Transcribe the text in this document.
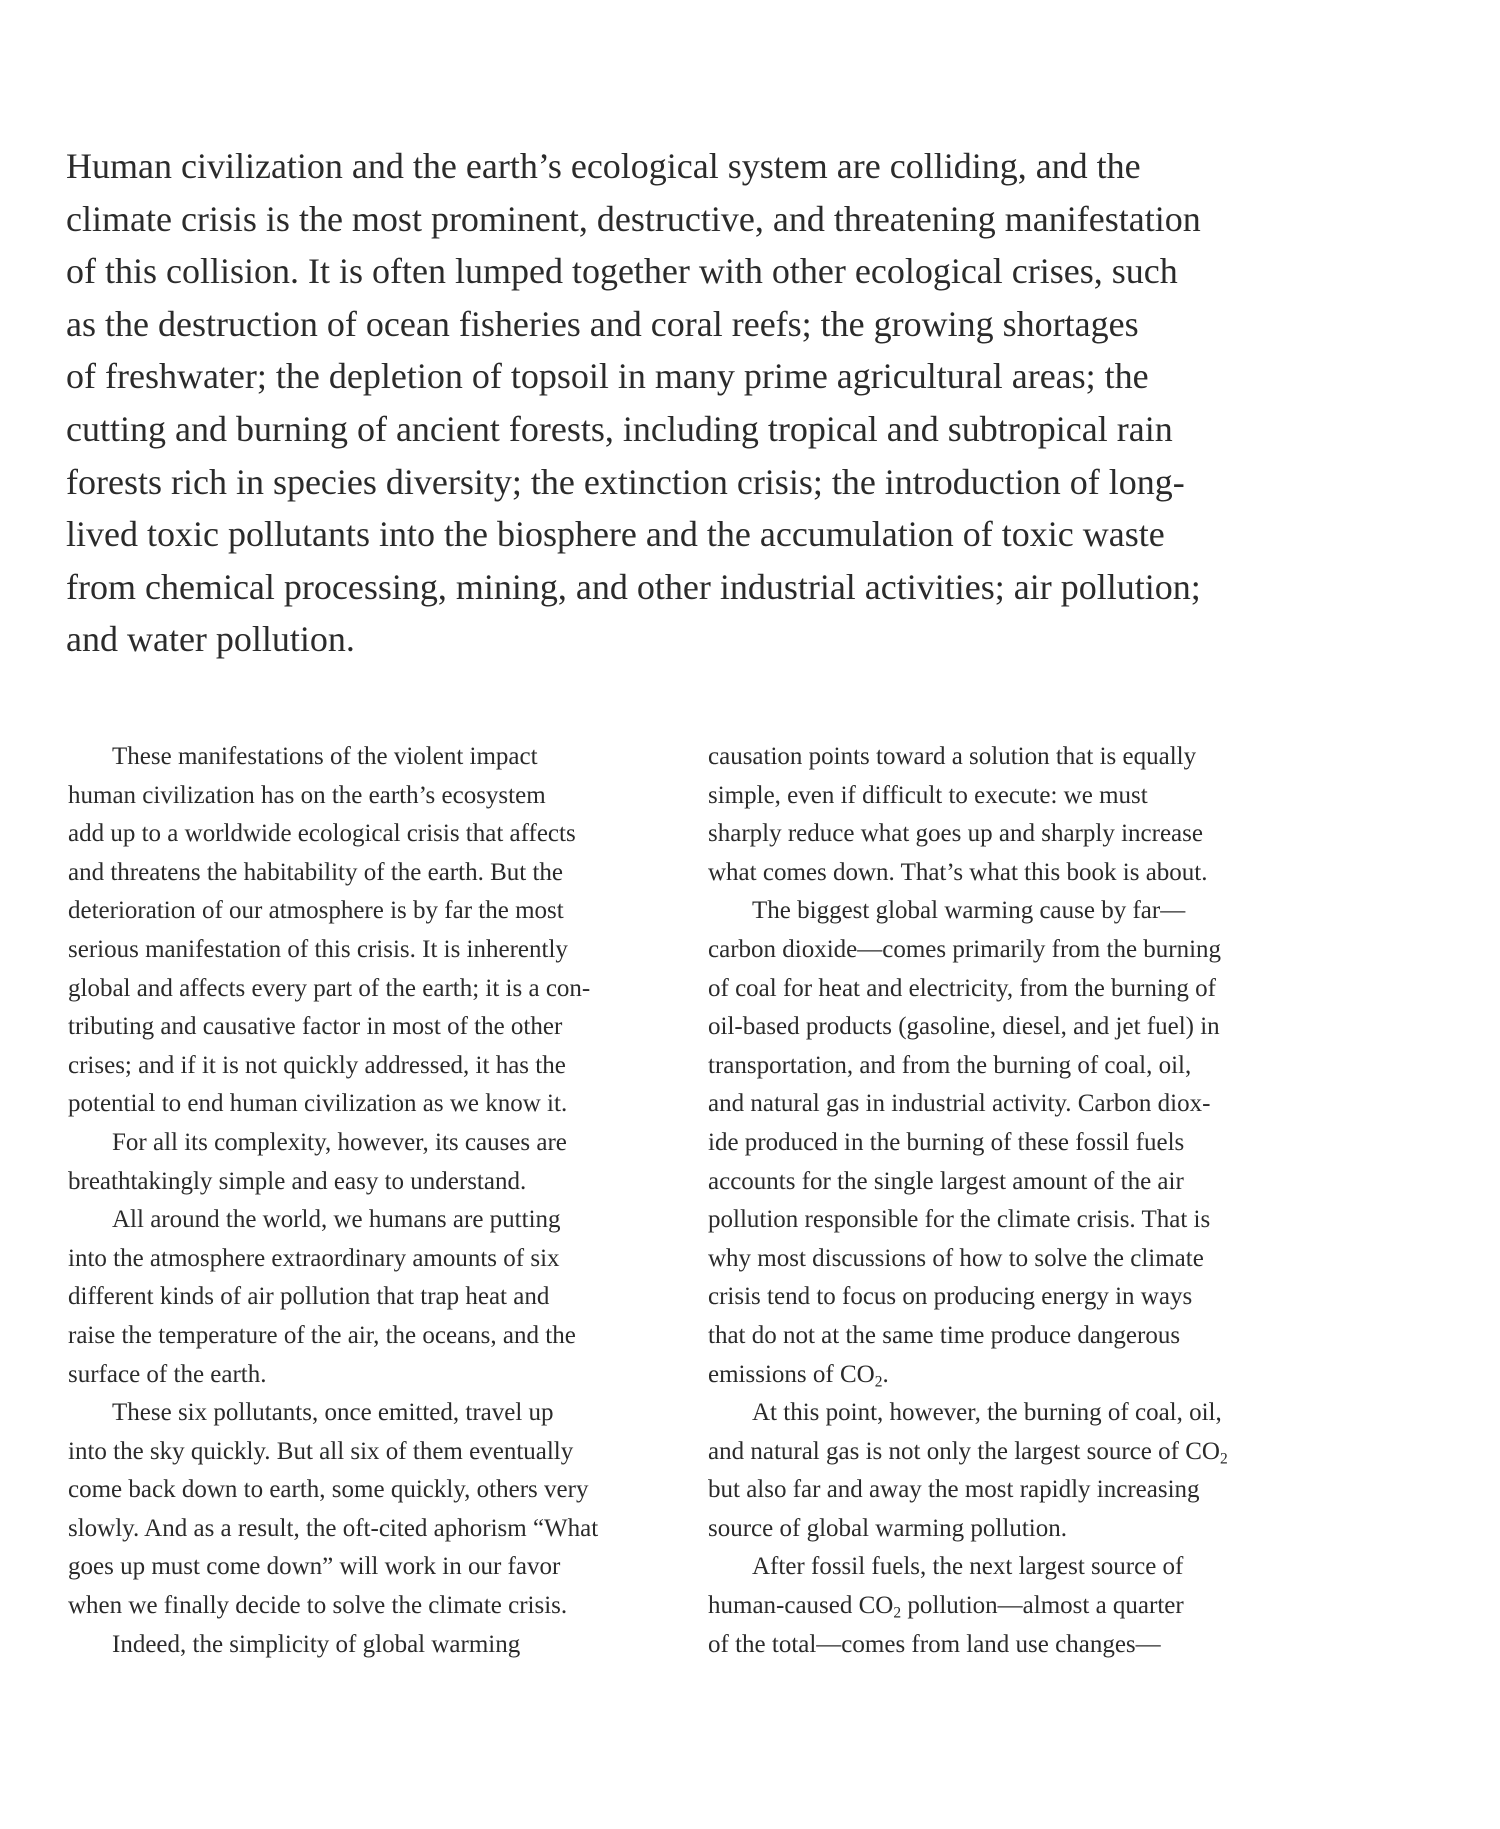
Human civilization and the earth’s ecological system are colliding, and the
climate crisis is the most prominent, destructive, and threatening manifestation
of this collision. It is often lumped together with other ecological crises, such
as the destruction of ocean fisheries and coral reefs; the growing shortages
of freshwater; the depletion of topsoil in many prime agricultural areas; the
cutting and burning of ancient forests, including tropical and subtropical rain
forests rich in species diversity; the extinction crisis; the introduction of long-
lived toxic pollutants into the biosphere and the accumulation of toxic waste
from chemical processing, mining, and other industrial activities; air pollution;
and water pollution.

These manifestations of the violent impact
human civilization has on the earth’s ecosystem
add up to a worldwide ecological crisis that affects
and threatens the habitability of the earth. But the
deterioration of our atmosphere is by far the most
serious manifestation of this crisis. It is inherently
global and affects every part of the earth; it is a con-
tributing and causative factor in most of the other
crises; and if it is not quickly addressed, it has the
potential to end human civilization as we know it.
For all its complexity, however, its causes are
breathtakingly simple and easy to understand.
All around the world, we humans are putting
into the atmosphere extraordinary amounts of six
different kinds of air pollution that trap heat and
raise the temperature of the air, the oceans, and the
surface of the earth.
These six pollutants, once emitted, travel up
into the sky quickly. But all six of them eventually
come back down to earth, some quickly, others very
slowly. And as a result, the oft-cited aphorism “What
goes up must come down” will work in our favor
when we finally decide to solve the climate crisis.
Indeed, the simplicity of global warming
causation points toward a solution that is equally
simple, even if difficult to execute: we must
sharply reduce what goes up and sharply increase
what comes down. That’s what this book is about.
The biggest global warming cause by far—
carbon dioxide—comes primarily from the burning
of coal for heat and electricity, from the burning of
oil-based products (gasoline, diesel, and jet fuel) in
transportation, and from the burning of coal, oil,
and natural gas in industrial activity. Carbon diox-
ide produced in the burning of these fossil fuels
accounts for the single largest amount of the air
pollution responsible for the climate crisis. That is
why most discussions of how to solve the climate
crisis tend to focus on producing energy in ways
that do not at the same time produce dangerous
emissions of $CO_2$.
At this point, however, the burning of coal, oil,
and natural gas is not only the largest source of $CO_2$
but also far and away the most rapidly increasing
source of global warming pollution.
After fossil fuels, the next largest source of
human-caused $CO_2$ pollution—almost a quarter
of the total—comes from land use changes—
